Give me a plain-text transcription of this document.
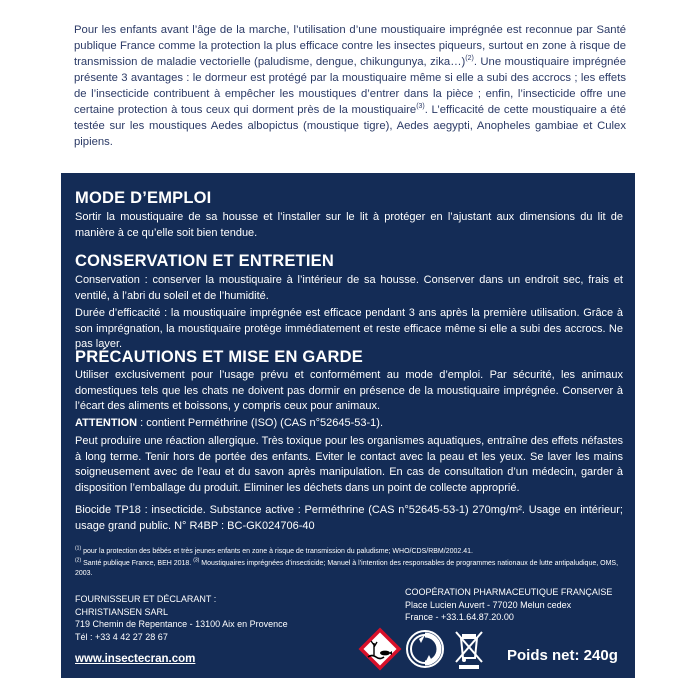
Pour les enfants avant l’âge de la marche, l’utilisation d’une moustiquaire imprégnée est reconnue par Santé publique France comme la protection la plus efficace contre les insectes piqueurs, surtout en zone à risque de transmission de maladie vectorielle (paludisme, dengue, chikungunya, zika…)$^{(2)}$. Une moustiquaire imprégnée présente 3 avantages : le dormeur est protégé par la moustiquaire même si elle a subi des accrocs ; les effets de l’insecticide contribuent à empêcher les moustiques d’entrer dans la pièce ; enfin, l’insecticide offre une certaine protection à tous ceux qui dorment près de la moustiquaire$^{(3)}$. L’efficacité de cette moustiquaire a été testée sur les moustiques Aedes albopictus (moustique tigre), Aedes aegypti, Anopheles gambiae et Culex pipiens.
MODE D’EMPLOI
Sortir la moustiquaire de sa housse et l’installer sur le lit à protéger en l’ajustant aux dimensions du lit de manière à ce qu’elle soit bien tendue.
CONSERVATION ET ENTRETIEN
Conservation : conserver la moustiquaire à l’intérieur de sa housse. Conserver dans un endroit sec, frais et ventilé, à l’abri du soleil et de l’humidité.
Durée d’efficacité : la moustiquaire imprégnée est efficace pendant 3 ans après la première utilisation. Grâce à son imprégnation, la moustiquaire protège immédiatement et reste efficace même si elle a subi des accrocs. Ne pas laver.
PRÉCAUTIONS ET MISE EN GARDE
Utiliser exclusivement pour l’usage prévu et conformément au mode d’emploi. Par sécurité, les animaux domestiques tels que les chats ne doivent pas dormir en présence de la moustiquaire imprégnée. Conserver à l’écart des aliments et boissons, y compris ceux pour animaux.
ATTENTION : contient Perméthrine (ISO) (CAS n°52645-53-1).
Peut produire une réaction allergique. Très toxique pour les organismes aquatiques, entraîne des effets néfastes à long terme. Tenir hors de portée des enfants. Eviter le contact avec la peau et les yeux. Se laver les mains soigneusement avec de l’eau et du savon après manipulation. En cas de consultation d’un médecin, garder à disposition l’emballage du produit. Eliminer les déchets dans un point de collecte approprié.
Biocide TP18 : insecticide. Substance active : Perméthrine (CAS n°52645-53-1) 270mg/m². Usage en intérieur; usage grand public. N° R4BP : BC-GK024706-40
$^{(1)}$ pour la protection des bébés et très jeunes enfants en zone à risque de transmission du paludisme; WHO/CDS/RBM/2002.41.
$^{(2)}$ Santé publique France, BEH 2018. $^{(3)}$ Moustiquaires imprégnées d’insecticide; Manuel à l’intention des responsables de programmes nationaux de lutte antipaludique, OMS, 2003.
FOURNISSEUR ET DÉCLARANT :
CHRISTIANSEN SARL
719 Chemin de Repentance - 13100 Aix en Provence
Tél : +33 4 42 27 28 67
COOPÉRATION PHARMACEUTIQUE FRANÇAISE
Place Lucien Auvert - 77020 Melun cedex
France - +33.1.64.87.20.00
www.insectecran.com	Poids net: 240g
